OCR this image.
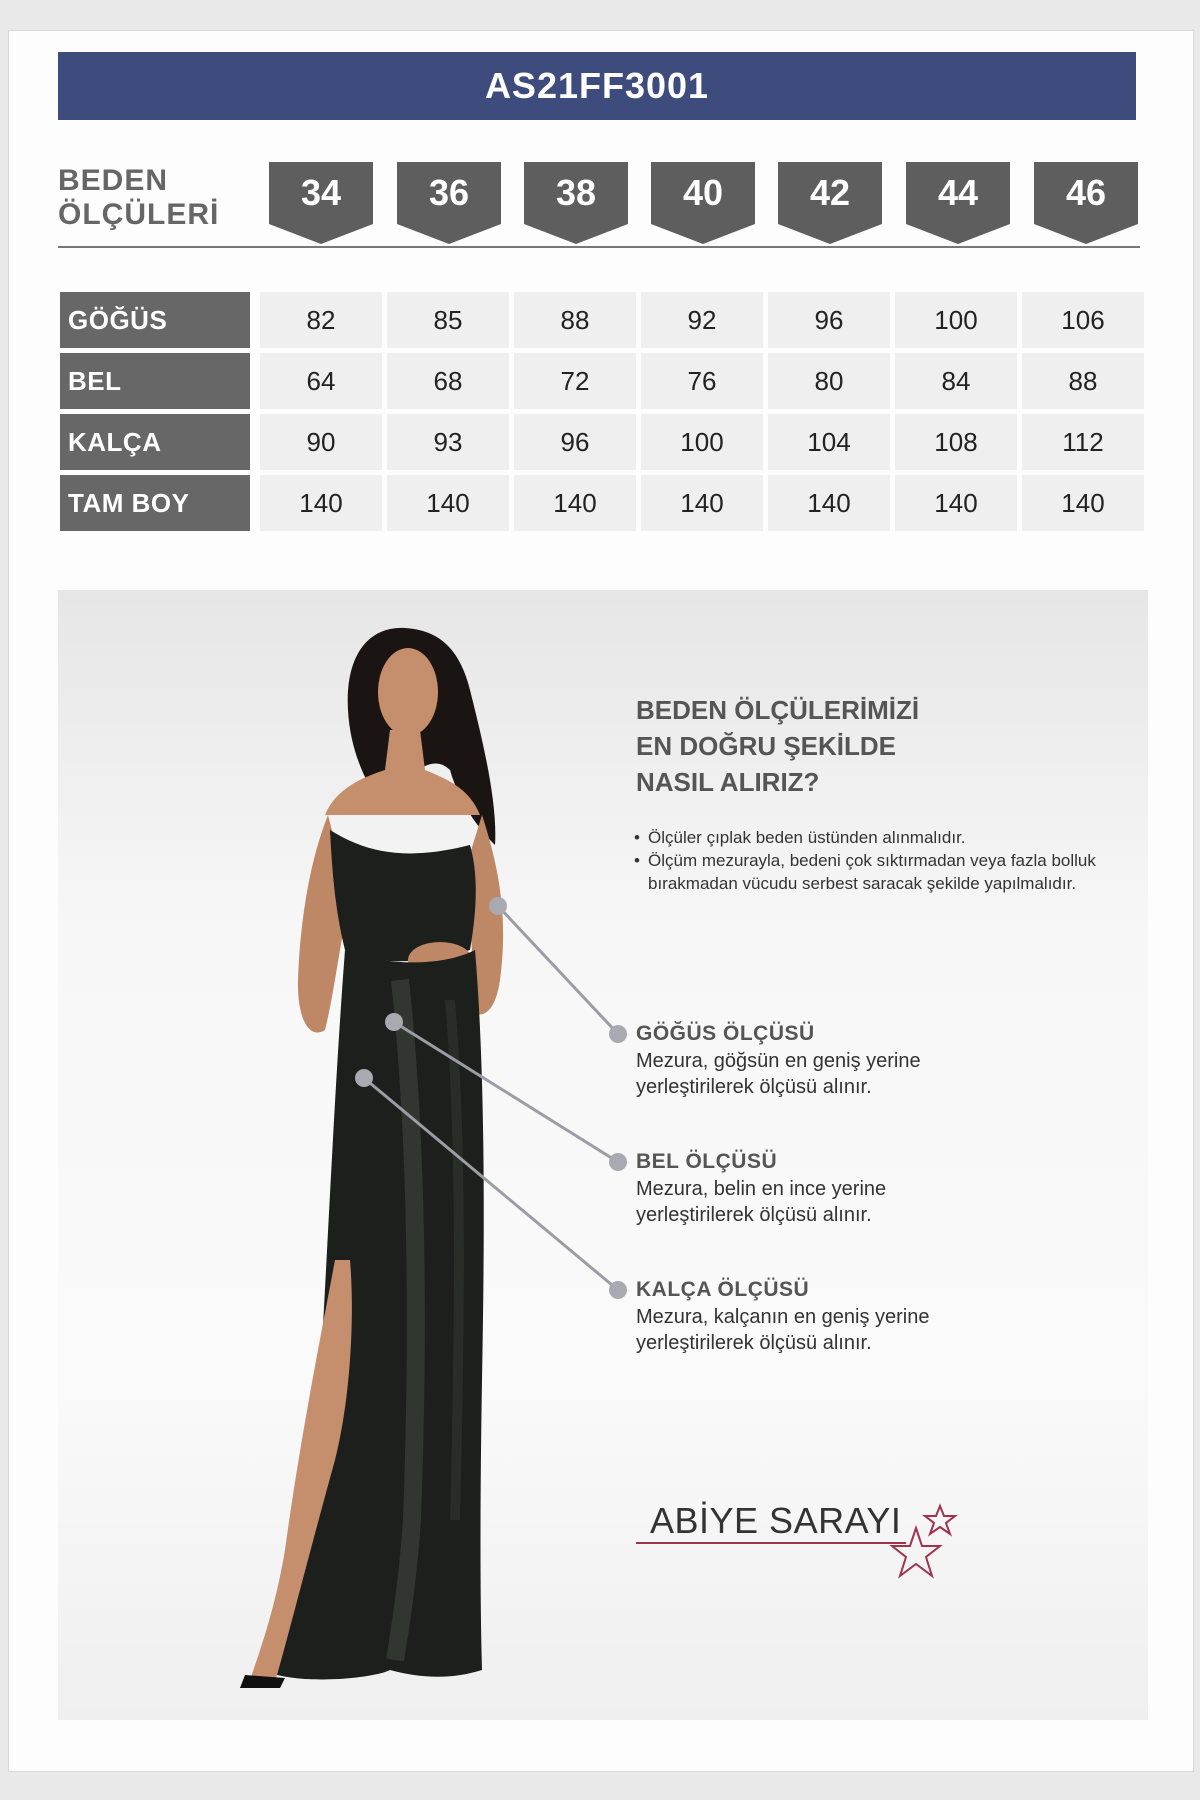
AS21FF3001
BEDEN
ÖLÇÜLERİ
34	36	38	40	42	44	46
GÖĞÜS	82	85	88	92	96	100	106
BEL	64	68	72	76	80	84	88
KALÇA	90	93	96	100	104	108	112
TAM BOY	140	140	140	140	140	140	140
BEDEN ÖLÇÜLERİMİZİ
EN DOĞRU ŞEKİLDE
NASIL ALIRIZ?
• Ölçüler çıplak beden üstünden alınmalıdır.
• Ölçüm mezurayla, bedeni çok sıktırmadan veya fazla bolluk bırakmadan vücudu serbest saracak şekilde yapılmalıdır.
GÖĞÜS ÖLÇÜSÜ
Mezura, göğsün en geniş yerine
yerleştirilerek ölçüsü alınır.
BEL ÖLÇÜSÜ
Mezura, belin en ince yerine
yerleştirilerek ölçüsü alınır.
KALÇA ÖLÇÜSÜ
Mezura, kalçanın en geniş yerine
yerleştirilerek ölçüsü alınır.
ABİYE SARAYI
